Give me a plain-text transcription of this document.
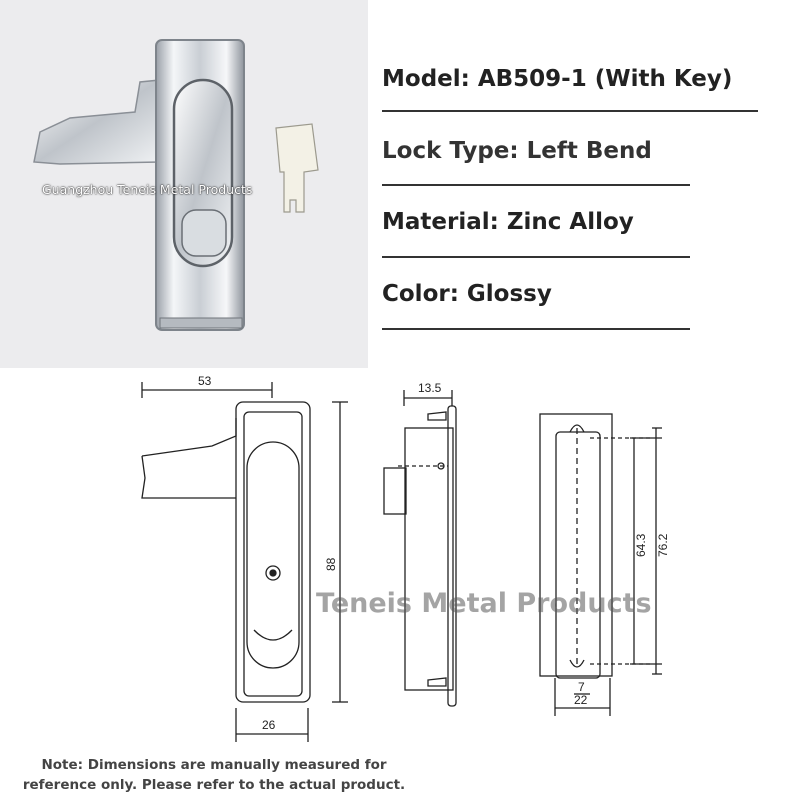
Guangzhou Teneis Metal Products
Model: AB509-1 (With Key)
Lock Type: Left Bend
Material: Zinc Alloy
Color: Glossy
53
88
26
13.5
64.3 76.2
7
22
Teneis Metal Products
Note: Dimensions are manually measured for reference only. Please refer to the actual product.
